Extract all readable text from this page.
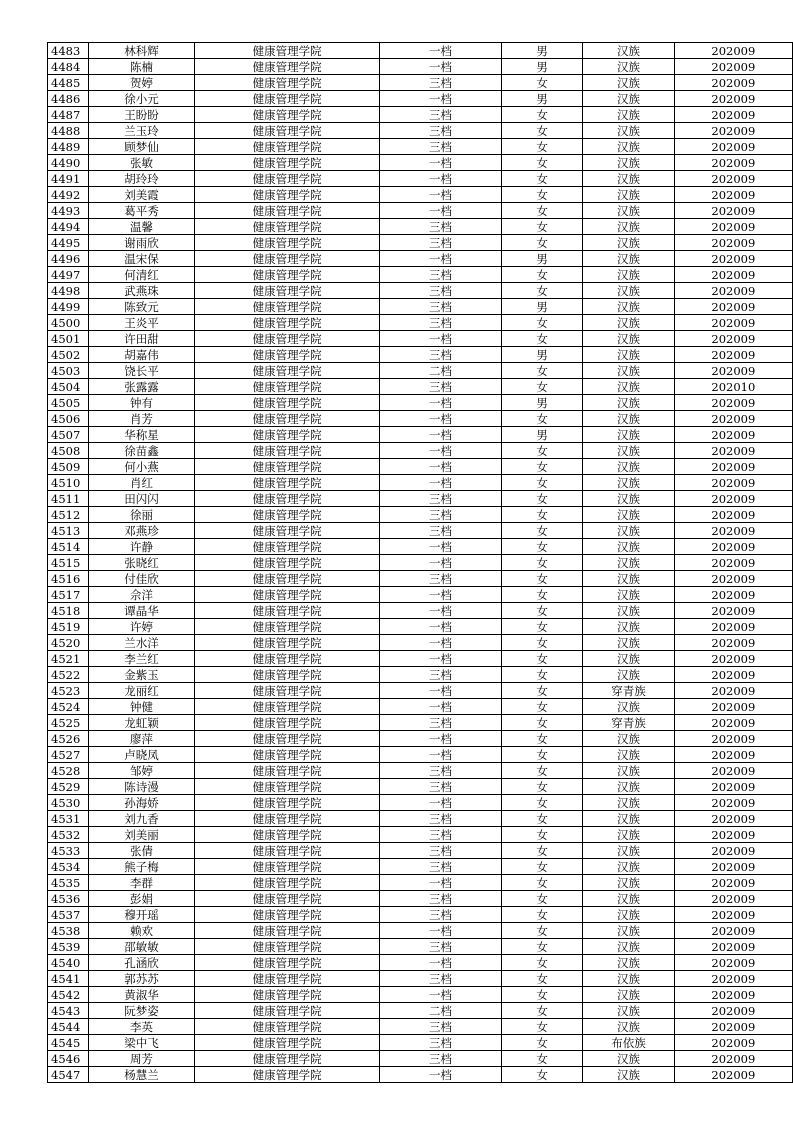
4483	林科辉	健康管理学院	一档	男	汉族	202009
4484	陈楠	健康管理学院	一档	男	汉族	202009
4485	贺婷	健康管理学院	三档	女	汉族	202009
4486	徐小元	健康管理学院	一档	男	汉族	202009
4487	王盼盼	健康管理学院	三档	女	汉族	202009
4488	兰玉玲	健康管理学院	三档	女	汉族	202009
4489	顾梦仙	健康管理学院	三档	女	汉族	202009
4490	张敏	健康管理学院	一档	女	汉族	202009
4491	胡玲玲	健康管理学院	一档	女	汉族	202009
4492	刘美霞	健康管理学院	一档	女	汉族	202009
4493	葛平秀	健康管理学院	一档	女	汉族	202009
4494	温馨	健康管理学院	三档	女	汉族	202009
4495	谢雨欣	健康管理学院	三档	女	汉族	202009
4496	温宋保	健康管理学院	一档	男	汉族	202009
4497	何清红	健康管理学院	三档	女	汉族	202009
4498	武燕珠	健康管理学院	三档	女	汉族	202009
4499	陈致元	健康管理学院	三档	男	汉族	202009
4500	王炎平	健康管理学院	三档	女	汉族	202009
4501	许田甜	健康管理学院	一档	女	汉族	202009
4502	胡嘉伟	健康管理学院	三档	男	汉族	202009
4503	饶长平	健康管理学院	二档	女	汉族	202009
4504	张露露	健康管理学院	三档	女	汉族	202010
4505	钟有	健康管理学院	一档	男	汉族	202009
4506	肖芳	健康管理学院	一档	女	汉族	202009
4507	华称星	健康管理学院	一档	男	汉族	202009
4508	徐苗鑫	健康管理学院	一档	女	汉族	202009
4509	何小燕	健康管理学院	一档	女	汉族	202009
4510	肖红	健康管理学院	一档	女	汉族	202009
4511	田闪闪	健康管理学院	三档	女	汉族	202009
4512	徐丽	健康管理学院	三档	女	汉族	202009
4513	邓燕珍	健康管理学院	三档	女	汉族	202009
4514	许静	健康管理学院	一档	女	汉族	202009
4515	张晓红	健康管理学院	一档	女	汉族	202009
4516	付佳欣	健康管理学院	三档	女	汉族	202009
4517	佘洋	健康管理学院	一档	女	汉族	202009
4518	谭晶华	健康管理学院	一档	女	汉族	202009
4519	许婷	健康管理学院	一档	女	汉族	202009
4520	兰水洋	健康管理学院	一档	女	汉族	202009
4521	李兰红	健康管理学院	一档	女	汉族	202009
4522	金紫玉	健康管理学院	三档	女	汉族	202009
4523	龙丽红	健康管理学院	一档	女	穿青族	202009
4524	钟健	健康管理学院	一档	女	汉族	202009
4525	龙虹颖	健康管理学院	三档	女	穿青族	202009
4526	廖萍	健康管理学院	一档	女	汉族	202009
4527	卢晓凤	健康管理学院	一档	女	汉族	202009
4528	邹婷	健康管理学院	三档	女	汉族	202009
4529	陈诗漫	健康管理学院	三档	女	汉族	202009
4530	孙海娇	健康管理学院	一档	女	汉族	202009
4531	刘九香	健康管理学院	三档	女	汉族	202009
4532	刘美丽	健康管理学院	三档	女	汉族	202009
4533	张倩	健康管理学院	三档	女	汉族	202009
4534	熊子梅	健康管理学院	三档	女	汉族	202009
4535	李群	健康管理学院	一档	女	汉族	202009
4536	彭娟	健康管理学院	三档	女	汉族	202009
4537	穆开瑶	健康管理学院	三档	女	汉族	202009
4538	赖欢	健康管理学院	一档	女	汉族	202009
4539	邵敏敏	健康管理学院	三档	女	汉族	202009
4540	孔涵欣	健康管理学院	一档	女	汉族	202009
4541	郭苏苏	健康管理学院	三档	女	汉族	202009
4542	黄淑华	健康管理学院	一档	女	汉族	202009
4543	阮梦姿	健康管理学院	二档	女	汉族	202009
4544	李英	健康管理学院	三档	女	汉族	202009
4545	梁中飞	健康管理学院	三档	女	布依族	202009
4546	周芳	健康管理学院	三档	女	汉族	202009
4547	杨慧兰	健康管理学院	一档	女	汉族	202009
